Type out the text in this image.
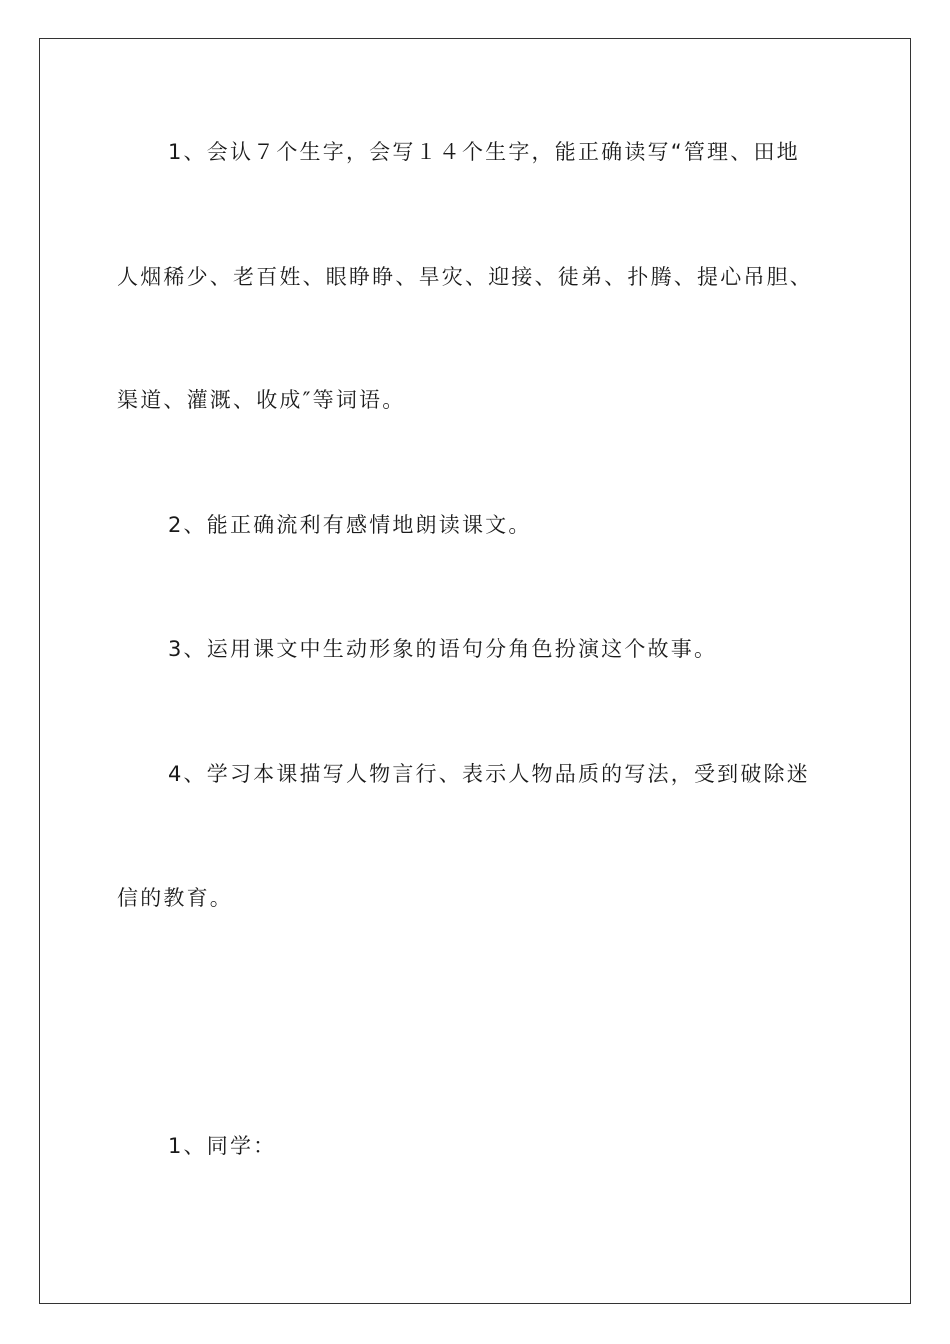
1、会认７个生字，会写１４个生字，能正确读写“管理、田地
人烟稀少、老百姓、眼睁睁、旱灾、迎接、徒弟、扑腾、提心吊胆、
渠道、灌溉、收成″等词语。
2、能正确流利有感情地朗读课文。
3、运用课文中生动形象的语句分角色扮演这个故事。
4、学习本课描写人物言行、表示人物品质的写法，受到破除迷
信的教育。
1、同学：
